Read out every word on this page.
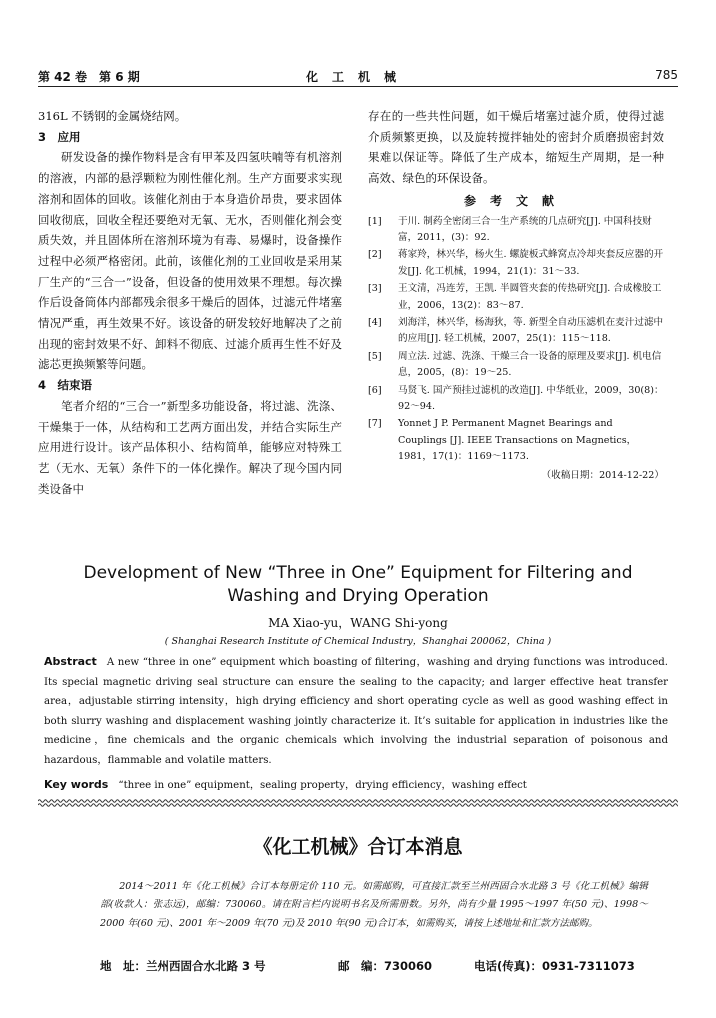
第 42 卷　第 6 期	化工机械	785

316L 不锈钢的金属烧结网。

3　应用

研发设备的操作物料是含有甲苯及四氢呋喃等有机溶剂的溶液，内部的悬浮颗粒为刚性催化剂。生产方面要求实现溶剂和固体的回收。该催化剂由于本身造价昂贵，要求固体回收彻底，回收全程还要绝对无氧、无水，否则催化剂会变质失效，并且固体所在溶剂环境为有毒、易爆时，设备操作过程中必须严格密闭。此前，该催化剂的工业回收是采用某厂生产的“三合一”设备，但设备的使用效果不理想。每次操作后设备筒体内部都残余很多干燥后的固体，过滤元件堵塞情况严重，再生效果不好。该设备的研发较好地解决了之前出现的密封效果不好、卸料不彻底、过滤介质再生性不好及滤芯更换频繁等问题。

4　结束语

笔者介绍的“三合一”新型多功能设备，将过滤、洗涤、干燥集于一体，从结构和工艺两方面出发，并结合实际生产应用进行设计。该产品体积小、结构简单，能够应对特殊工艺（无水、无氧）条件下的一体化操作。解决了现今国内同类设备中

存在的一些共性问题，如干燥后堵塞过滤介质，使得过滤介质频繁更换，以及旋转搅拌轴处的密封介质磨损密封效果难以保证等。降低了生产成本，缩短生产周期，是一种高效、绿色的环保设备。

参考文献
[1]	于川. 制药全密闭三合一生产系统的几点研究[J]. 中国科技财富，2011，(3)：92.
[2]	蒋家羚，林兴华，杨火生. 螺旋板式蜂窝点冷却夹套反应器的开发[J]. 化工机械，1994，21(1)：31～33.
[3]	王文清，冯连芳，王凯. 半圆管夹套的传热研究[J]. 合成橡胶工业，2006，13(2)：83～87.
[4]	刘海洋，林兴华，杨海狄，等. 新型全自动压滤机在麦汁过滤中的应用[J]. 轻工机械，2007，25(1)：115～118.
[5]	周立法. 过滤、洗涤、干燥三合一设备的原理及要求[J]. 机电信息，2005，(8)：19～25.
[6]	马贤飞. 国产预挂过滤机的改造[J]. 中华纸业，2009，30(8)：92～94.
[7]	Yonnet J P. Permanent Magnet Bearings and Couplings [J]. IEEE Transactions on Magnetics，1981，17(1)：1169～1173.
（收稿日期：2014-12-22）
Development of New “Three in One” Equipment for Filtering and
Washing and Drying Operation
MA Xiao-yu，WANG Shi-yong
( Shanghai Research Institute of Chemical Industry，Shanghai 200062，China )
Abstract A new “three in one” equipment which boasting of filtering，washing and drying functions was introduced. Its special magnetic driving seal structure can ensure the sealing to the capacity; and larger effective heat transfer area，adjustable stirring intensity，high drying efficiency and short operating cycle as well as good washing effect in both slurry washing and displacement washing jointly characterize it. It’s suitable for application in industries like the medicine，fine chemicals and the organic chemicals which involving the industrial separation of poisonous and hazardous，flammable and volatile matters.
Key words “three in one” equipment，sealing property，drying efficiency，washing effect
《化工机械》合订本消息
2014～2011 年《化工机械》合订本每册定价 110 元。如需邮购，可直接汇款至兰州西固合水北路 3 号《化工机械》编辑部(收款人：张志远)，邮编：730060。请在附言栏内说明书名及所需册数。另外，尚有少量 1995～1997 年(50 元)、1998～2000 年(60 元)、2001 年～2009 年(70 元)及 2010 年(90 元)合订本，如需购买，请按上述地址和汇款方法邮购。
地　址：兰州西固合水北路 3 号	邮　编：730060	电话(传真)：0931-7311073
